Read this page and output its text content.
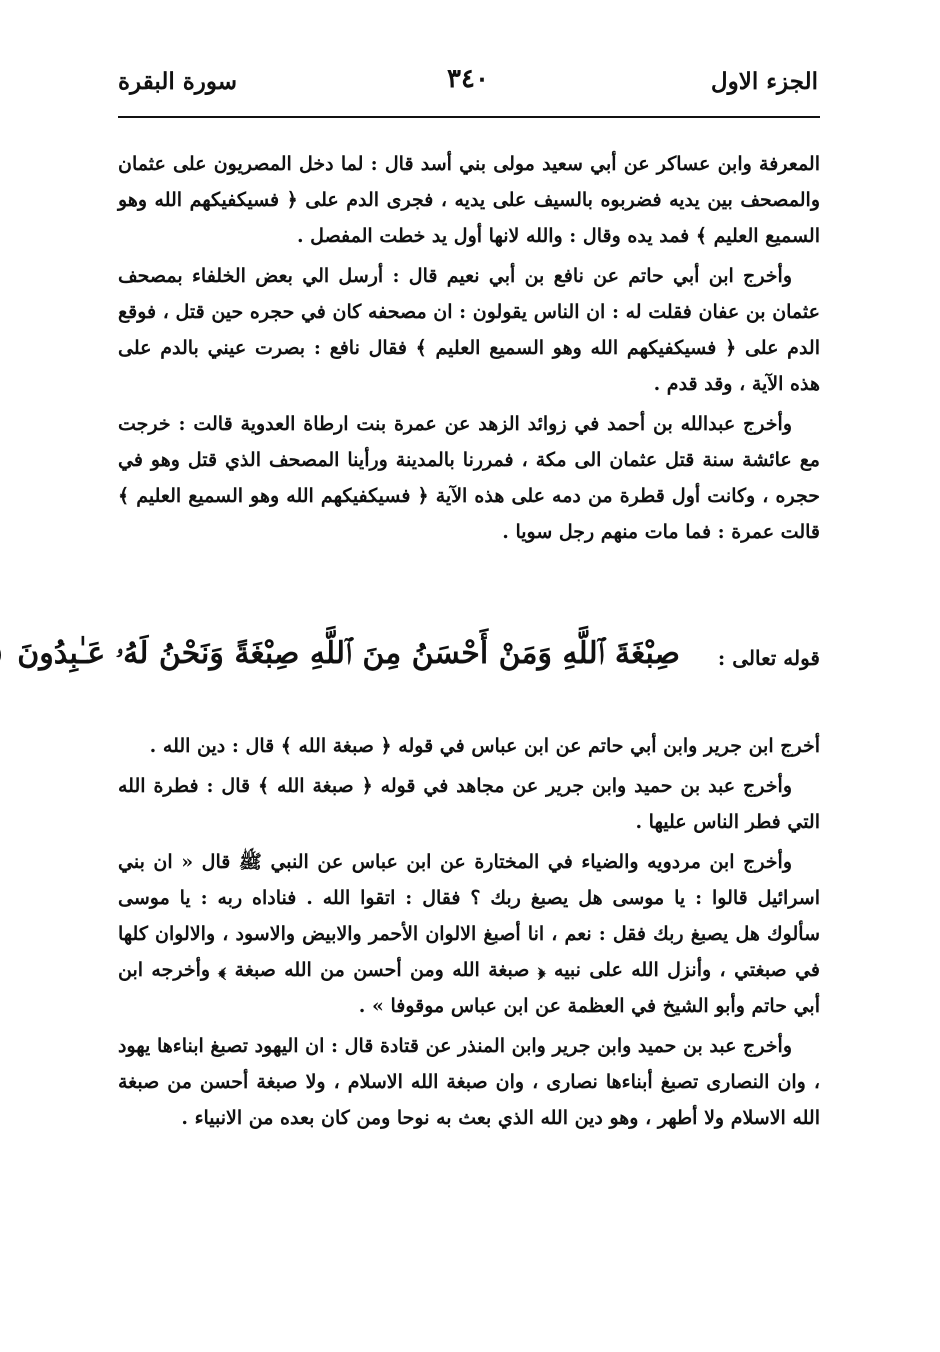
الجزء الاول
٣٤٠
سورة البقرة

المعرفة وابن عساكر عن أبي سعيد مولى بني أسد قال : لما دخل المصريون على عثمان والمصحف بين يديه فضربوه بالسيف على يديه ، فجرى الدم على ﴿ فسيكفيكهم الله وهو السميع العليم ﴾ فمد يده وقال : والله لانها أول يد خطت المفصل .

وأخرج ابن أبي حاتم عن نافع بن أبي نعيم قال : أرسل الي بعض الخلفاء بمصحف عثمان بن عفان فقلت له : ان الناس يقولون : ان مصحفه كان في حجره حين قتل ، فوقع الدم على ﴿ فسيكفيكهم الله وهو السميع العليم ﴾ فقال نافع : بصرت عيني بالدم على هذه الآية ، وقد قدم .

وأخرج عبدالله بن أحمد في زوائد الزهد عن عمرة بنت ارطاة العدوية قالت : خرجت مع عائشة سنة قتل عثمان الى مكة ، فمررنا بالمدينة ورأينا المصحف الذي قتل وهو في حجره ، وكانت أول قطرة من دمه على هذه الآية ﴿ فسيكفيكهم الله وهو السميع العليم ﴾ قالت عمرة : فما مات منهم رجل سويا .

قوله تعالى :
صِبْغَةَ ٱللَّهِ وَمَنْ أَحْسَنُ مِنَ ٱللَّهِ صِبْغَةً وَنَحْنُ لَهُۥ عَـٰبِدُونَ

أخرج ابن جرير وابن أبي حاتم عن ابن عباس في قوله ﴿ صبغة الله ﴾ قال : دين الله .

وأخرج عبد بن حميد وابن جرير عن مجاهد في قوله ﴿ صبغة الله ﴾ قال : فطرة الله التي فطر الناس عليها .

وأخرج ابن مردويه والضياء في المختارة عن ابن عباس عن النبي ﷺ قال « ان بني اسرائيل قالوا : يا موسى هل يصبغ ربك ؟ فقال : اتقوا الله . فناداه ربه : يا موسى سألوك هل يصبغ ربك فقل : نعم ، انا أصبغ الالوان الأحمر والابيض والاسود ، والالوان كلها في صبغتي ، وأنزل الله على نبيه ﴿ صبغة الله ومن أحسن من الله صبغة ﴾ وأخرجه ابن أبي حاتم وأبو الشيخ في العظمة عن ابن عباس موقوفا » .

وأخرج عبد بن حميد وابن جرير وابن المنذر عن قتادة قال : ان اليهود تصبغ ابناءها يهود ، وان النصارى تصبغ أبناءها نصارى ، وان صبغة الله الاسلام ، ولا صبغة أحسن من صبغة الله الاسلام ولا أطهر ، وهو دين الله الذي بعث به نوحا ومن كان بعده من الانبياء .
